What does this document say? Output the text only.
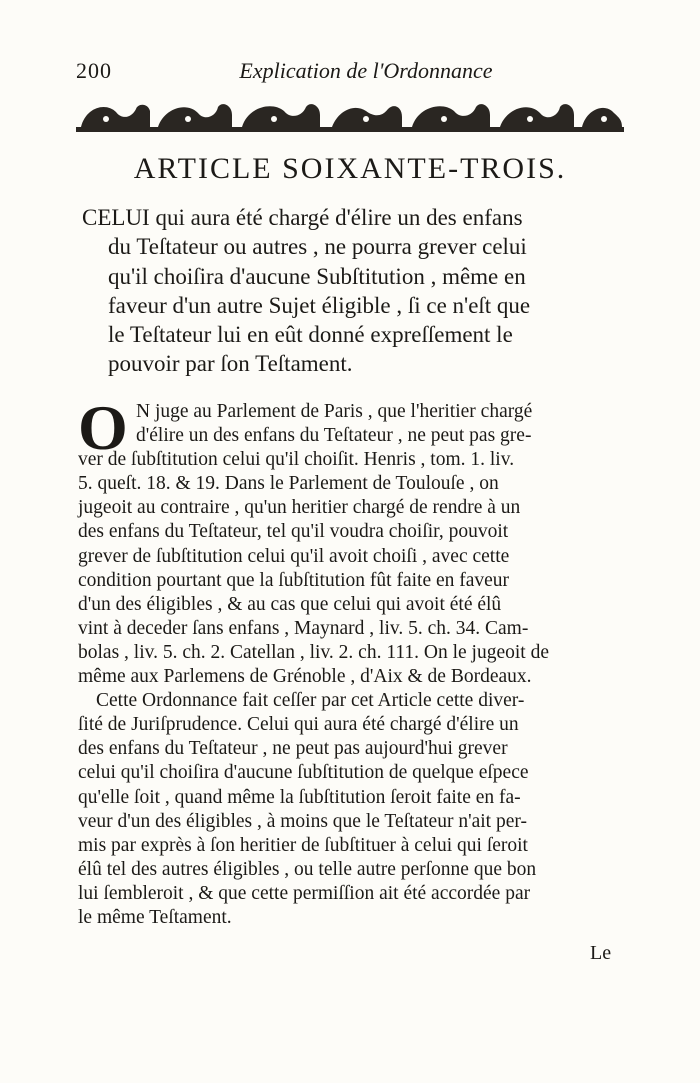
200	Explication de l'Ordonnance
ARTICLE SOIXANTE-TROIS.
CELUI qui aura été chargé d'élire un des enfans
du Teſtateur ou autres , ne pourra grever celui
qu'il choiſira d'aucune Subſtitution , même en
faveur d'un autre Sujet éligible , ſi ce n'eſt que
le Teſtateur lui en eût donné expreſſement le
pouvoir par ſon Teſtament.
O N juge au Parlement de Paris , que l'heritier chargé
d'élire un des enfans du Teſtateur , ne peut pas gre-
ver de ſubſtitution celui qu'il choiſit. Henris , tom. 1. liv.
5. queſt. 18. & 19. Dans le Parlement de Toulouſe , on
jugeoit au contraire , qu'un heritier chargé de rendre à un
des enfans du Teſtateur, tel qu'il voudra choiſir, pouvoit
grever de ſubſtitution celui qu'il avoit choiſi , avec cette
condition pourtant que la ſubſtitution fût faite en faveur
d'un des éligibles , & au cas que celui qui avoit été élû
vint à deceder ſans enfans , Maynard , liv. 5. ch. 34. Cam-
bolas , liv. 5. ch. 2. Catellan , liv. 2. ch. 111. On le jugeoit de
même aux Parlemens de Grénoble , d'Aix & de Bordeaux.
Cette Ordonnance fait ceſſer par cet Article cette diver-
ſité de Juriſprudence. Celui qui aura été chargé d'élire un
des enfans du Teſtateur , ne peut pas aujourd'hui grever
celui qu'il choiſira d'aucune ſubſtitution de quelque eſpece
qu'elle ſoit , quand même la ſubſtitution ſeroit faite en fa-
veur d'un des éligibles , à moins que le Teſtateur n'ait per-
mis par exprès à ſon heritier de ſubſtituer à celui qui ſeroit
élû tel des autres éligibles , ou telle autre perſonne que bon
lui ſembleroit , & que cette permiſſion ait été accordée par
le même Teſtament.
Le
